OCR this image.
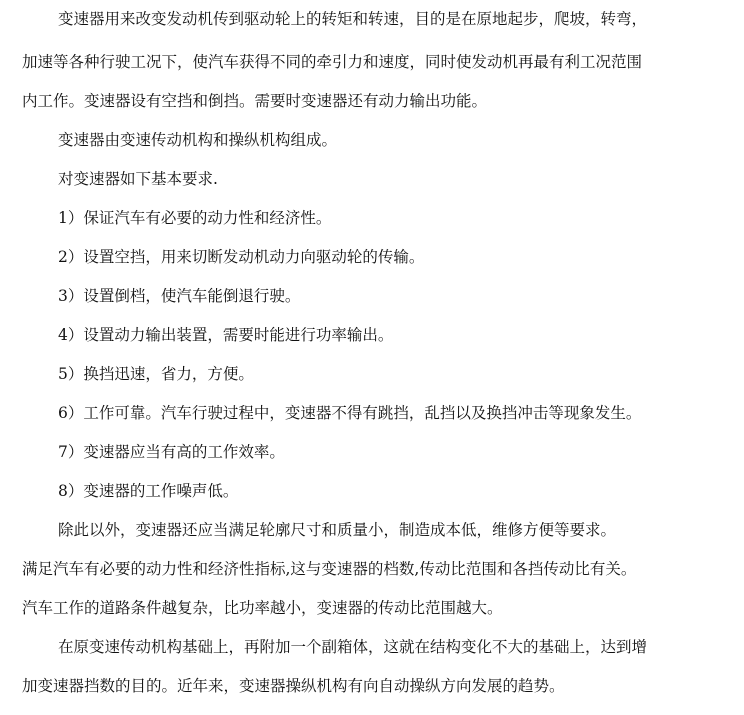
变速器用来改变发动机传到驱动轮上的转矩和转速，目的是在原地起步，爬坡，转弯，
加速等各种行驶工况下，使汽车获得不同的牵引力和速度，同时使发动机再最有利工况范围
内工作。变速器设有空挡和倒挡。需要时变速器还有动力输出功能。
变速器由变速传动机构和操纵机构组成。
对变速器如下基本要求.
1）保证汽车有必要的动力性和经济性。
2）设置空挡，用来切断发动机动力向驱动轮的传输。
3）设置倒档，使汽车能倒退行驶。
4）设置动力输出装置，需要时能进行功率输出。
5）换挡迅速，省力，方便。
6）工作可靠。汽车行驶过程中，变速器不得有跳挡，乱挡以及换挡冲击等现象发生。
7）变速器应当有高的工作效率。
8）变速器的工作噪声低。
除此以外，变速器还应当满足轮廓尺寸和质量小，制造成本低，维修方便等要求。
满足汽车有必要的动力性和经济性指标,这与变速器的档数,传动比范围和各挡传动比有关。
汽车工作的道路条件越复杂，比功率越小，变速器的传动比范围越大。
在原变速传动机构基础上，再附加一个副箱体，这就在结构变化不大的基础上，达到增
加变速器挡数的目的。近年来，变速器操纵机构有向自动操纵方向发展的趋势。
